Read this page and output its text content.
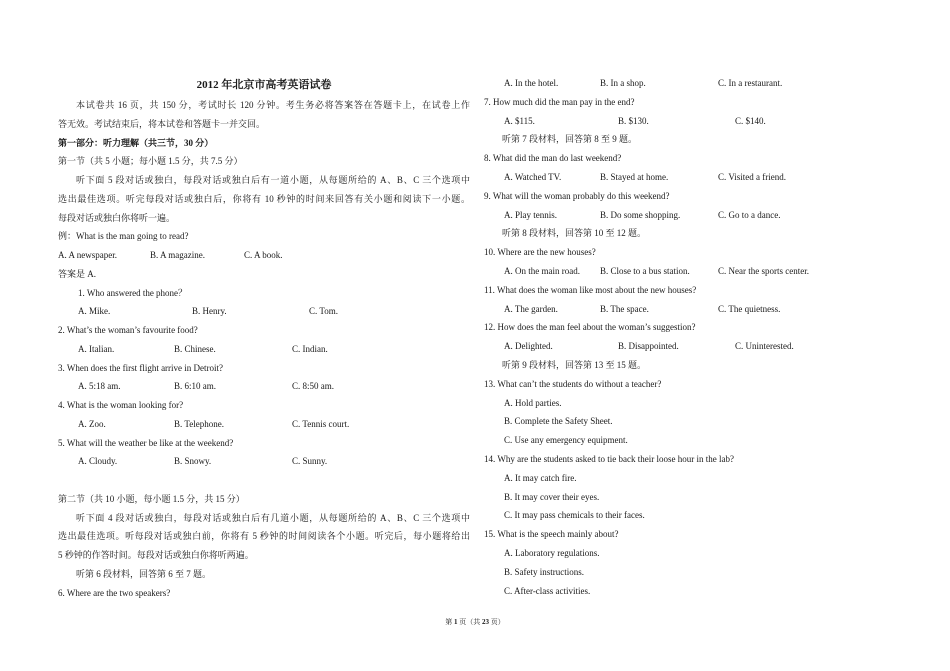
2012 年北京市高考英语试卷
本试卷共 16 页，共 150 分，考试时长 120 分钟。考生务必将答案答在答题卡上，在试卷上作
答无效。考试结束后，将本试卷和答题卡一并交回。
第一部分：听力理解（共三节，30 分）
第一节（共 5 小题；每小题 1.5 分，共 7.5 分）
听下面 5 段对话或独白，每段对话或独白后有一道小题，从每题所给的 A、B、C 三个选项中
选出最佳选项。听完每段对话或独白后，你将有 10 秒钟的时间来回答有关小题和阅读下一小题。
每段对话或独白你将听一遍。
例：What is the man going to read?
A. A newspaper.	B. A magazine.	C. A book.
答案是 A.
1. Who answered the phone？
A. Mike.	B. Henry.	C. Tom.
2. What’s the woman’s favourite food?
A. Italian.	B. Chinese.	C. Indian.
3. When does the first flight arrive in Detroit?
A. 5:18 am.	B. 6:10 am.	C. 8:50 am.
4. What is the woman looking for?
A. Zoo.	B. Telephone.	C. Tennis court.
5. What will the weather be like at the weekend?
A. Cloudy.	B. Snowy.	C. Sunny.
第二节（共 10 小题，每小题 1.5 分，共 15 分）
听下面 4 段对话或独白，每段对话或独白后有几道小题，从每题所给的 A、B、C 三个选项中
选出最佳选项。听每段对话或独白前，你将有 5 秒钟的时间阅读各个小题。听完后，每小题将给出
5 秒钟的作答时间。每段对话或独白你将听两遍。
听第 6 段材料，回答第 6 至 7 题。
6. Where are the two speakers?
A. In the hotel.	B. In a shop.	C. In a restaurant.
7. How much did the man pay in the end?
A. $115.	B. $130.	C. $140.
听第 7 段材料，回答第 8 至 9 题。
8. What did the man do last weekend?
A. Watched TV.	B. Stayed at home.	C. Visited a friend.
9. What will the woman probably do this weekend?
A. Play tennis.	B. Do some shopping.	C. Go to a dance.
听第 8 段材料，回答第 10 至 12 题。
10. Where are the new houses?
A. On the main road. B. Close to a bus station.	C. Near the sports center.
11. What does the woman like most about the new houses?
A. The garden.	B. The space.	C. The quietness.
12. How does the man feel about the woman’s suggestion?
A. Delighted.	B. Disappointed.	C. Uninterested.
听第 9 段材料，回答第 13 至 15 题。
13. What can’t the students do without a teacher?
A. Hold parties.
B. Complete the Safety Sheet.
C. Use any emergency equipment.
14. Why are the students asked to tie back their loose hour in the lab?
A. It may catch fire.
B. It may cover their eyes.
C. It may pass chemicals to their faces.
15. What is the speech mainly about?
A. Laboratory regulations.
B. Safety instructions.
C. After-class activities.
第 1 页（共 23 页）
